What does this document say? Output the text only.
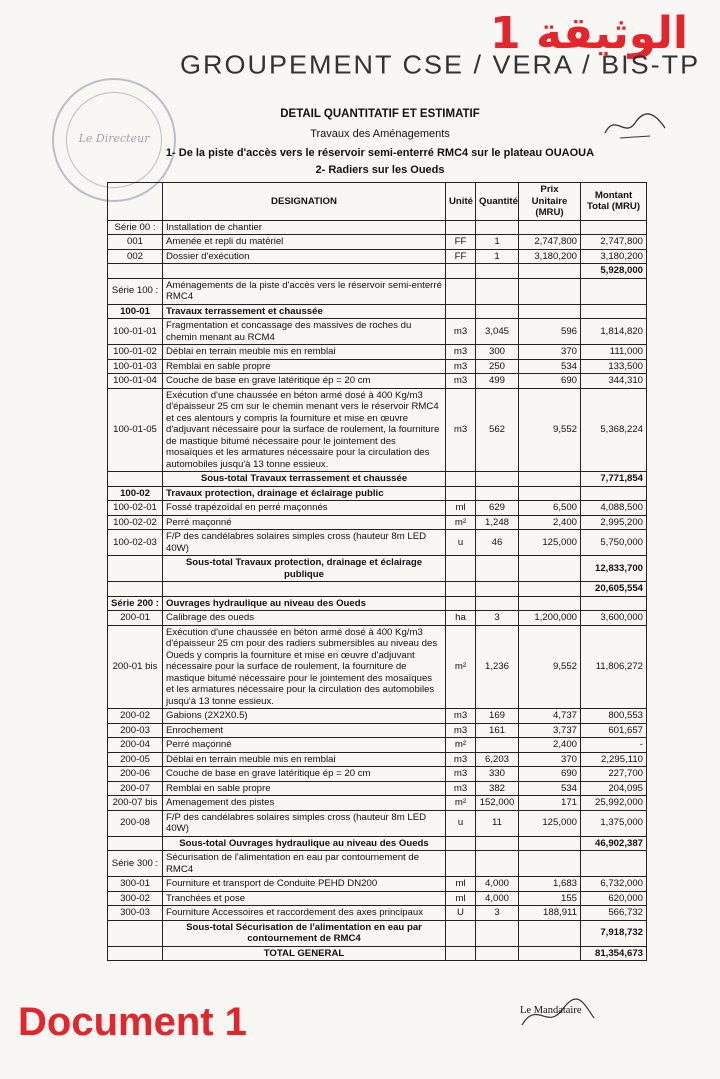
الوثيقة 1
GROUPEMENT CSE / VERA / BIS-TP
Le Directeur
DETAIL QUANTITATIF ET ESTIMATIF
Travaux des Aménagements
1- De la piste d'accès vers le réservoir semi-enterré RMC4 sur le plateau OUAOUA
2- Radiers sur les Oueds
	DESIGNATION	Unité	Quantité	Prix Unitaire (MRU)	Montant Total (MRU)
Série 00 :	Installation de chantier				
001	Amenée et repli du matériel	FF	1	2,747,800	2,747,800
002	Dossier d'exécution	FF	1	3,180,200	3,180,200
					5,928,000
Série 100 :	Aménagements de la piste d'accès vers le réservoir semi-enterré RMC4				
100-01	Travaux terrassement et chaussée				
100-01-01	Fragmentation et concassage des massives de roches du chemin menant au RCM4	m3	3,045	596	1,814,820
100-01-02	Déblai en terrain meuble mis en remblai	m3	300	370	111,000
100-01-03	Remblai en sable propre	m3	250	534	133,500
100-01-04	Couche de base en grave latéritique ép = 20 cm	m3	499	690	344,310
100-01-05	Exécution d'une chaussée en béton armé dosé à 400 Kg/m3 d'épaisseur 25 cm sur le chemin menant vers le réservoir RMC4 et ces alentours y compris la fourniture et mise en œuvre d'adjuvant nécessaire pour la surface de roulement, la fourniture de mastique bitumé nécessaire pour le jointement des mosaïques et les armatures nécessaire pour la circulation des automobiles jusqu'à 13 tonne essieux.	m3	562	9,552	5,368,224
	Sous-total Travaux terrassement et chaussée				7,771,854
100-02	Travaux protection, drainage et éclairage public				
100-02-01	Fossé trapézoïdal en perré maçonnés	ml	629	6,500	4,088,500
100-02-02	Perré maçonné	m²	1,248	2,400	2,995,200
100-02-03	F/P des candélabres solaires simples cross (hauteur 8m LED 40W)	u	46	125,000	5,750,000
	Sous-total Travaux protection, drainage et éclairage publique				12,833,700
					20,605,554
Série 200 :	Ouvrages hydraulique au niveau des Oueds				
200-01	Calibrage des oueds	ha	3	1,200,000	3,600,000
200-01 bis	Exécution d'une chaussée en béton armé dosé à 400 Kg/m3 d'épaisseur 25 cm pour des radiers submersibles au niveau des Oueds y compris la fourniture et mise en œuvre d'adjuvant nécessaire pour la surface de roulement, la fourniture de mastique bitumé nécessaire pour le jointement des mosaïques et les armatures nécessaire pour la circulation des automobiles jusqu'à 13 tonne essieux.	m²	1,236	9,552	11,806,272
200-02	Gabions (2X2X0.5)	m3	169	4,737	800,553
200-03	Enrochement	m3	161	3,737	601,657
200-04	Perré maçonné	m²		2,400	-
200-05	Déblai en terrain meuble mis en remblai	m3	6,203	370	2,295,110
200-06	Couche de base en grave latéritique ép = 20 cm	m3	330	690	227,700
200-07	Remblai en sable propre	m3	382	534	204,095
200-07 bis	Amenagement des pistes	m²	152,000	171	25,992,000
200-08	F/P des candélabres solaires simples cross (hauteur 8m LED 40W)	u	11	125,000	1,375,000
	Sous-total Ouvrages hydraulique au niveau des Oueds				46,902,387
Série 300 :	Sécurisation de l'alimentation en eau par contournement de RMC4				
300-01	Fourniture et transport de Conduite PEHD DN200	ml	4,000	1,683	6,732,000
300-02	Tranchées et pose	ml	4,000	155	620,000
300-03	Fourniture Accessoires et raccordement des axes principaux	U	3	188,911	566,732
	Sous-total Sécurisation de l'alimentation en eau par contournement de RMC4				7,918,732
	TOTAL GENERAL				81,354,673
Le Mandataire
Document 1
